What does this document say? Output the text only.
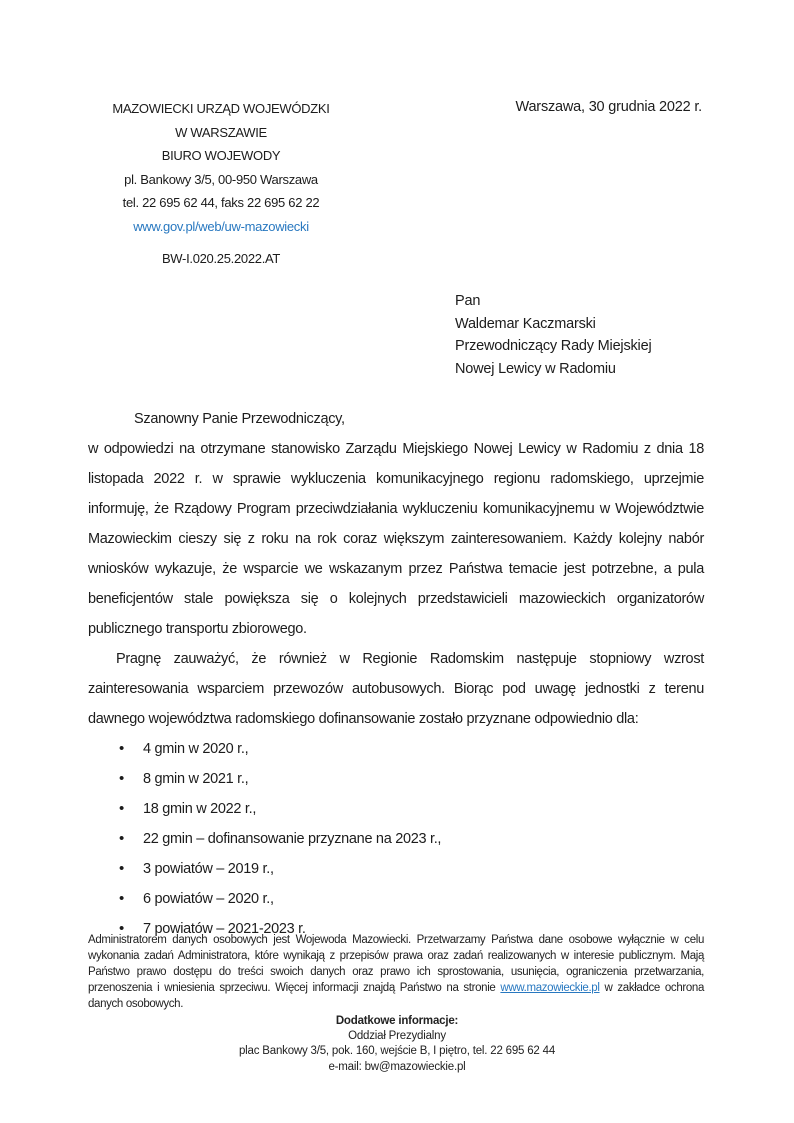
MAZOWIECKI URZĄD WOJEWÓDZKI
W WARSZAWIE
BIURO WOJEWODY
pl. Bankowy 3/5, 00-950 Warszawa
tel. 22 695 62 44, faks 22 695 62 22
www.gov.pl/web/uw-mazowiecki
BW-I.020.25.2022.AT
Warszawa, 30 grudnia 2022 r.
Pan
Waldemar Kaczmarski
Przewodniczący Rady Miejskiej
Nowej Lewicy w Radomiu
Szanowny Panie Przewodniczący,

w odpowiedzi na otrzymane stanowisko Zarządu Miejskiego Nowej Lewicy w Radomiu z dnia 18 listopada 2022 r. w sprawie wykluczenia komunikacyjnego regionu radomskiego, uprzejmie informuję, że Rządowy Program przeciwdziałania wykluczeniu komunikacyjnemu w Województwie Mazowieckim cieszy się z roku na rok coraz większym zainteresowaniem. Każdy kolejny nabór wniosków wykazuje, że wsparcie we wskazanym przez Państwa temacie jest potrzebne, a pula beneficjentów stale powiększa się o kolejnych przedstawicieli mazowieckich organizatorów publicznego transportu zbiorowego.

Pragnę zauważyć, że również w Regionie Radomskim następuje stopniowy wzrost zainteresowania wsparciem przewozów autobusowych. Biorąc pod uwagę jednostki z terenu dawnego województwa radomskiego dofinansowanie zostało przyznane odpowiednio dla:

• 4 gmin w 2020 r.,
• 8 gmin w 2021 r.,
• 18 gmin w 2022 r.,
• 22 gmin – dofinansowanie przyznane na 2023 r.,
• 3 powiatów – 2019 r.,
• 6 powiatów – 2020 r.,
• 7 powiatów – 2021-2023 r.
Administratorem danych osobowych jest Wojewoda Mazowiecki. Przetwarzamy Państwa dane osobowe wyłącznie w celu wykonania zadań Administratora, które wynikają z przepisów prawa oraz zadań realizowanych w interesie publicznym. Mają Państwo prawo dostępu do treści swoich danych oraz prawo ich sprostowania, usunięcia, ograniczenia przetwarzania, przenoszenia i wniesienia sprzeciwu. Więcej informacji znajdą Państwo na stronie www.mazowieckie.pl w zakładce ochrona danych osobowych.
Dodatkowe informacje:
Oddział Prezydialny
plac Bankowy 3/5, pok. 160, wejście B, I piętro, tel. 22 695 62 44
e-mail: bw@mazowieckie.pl
